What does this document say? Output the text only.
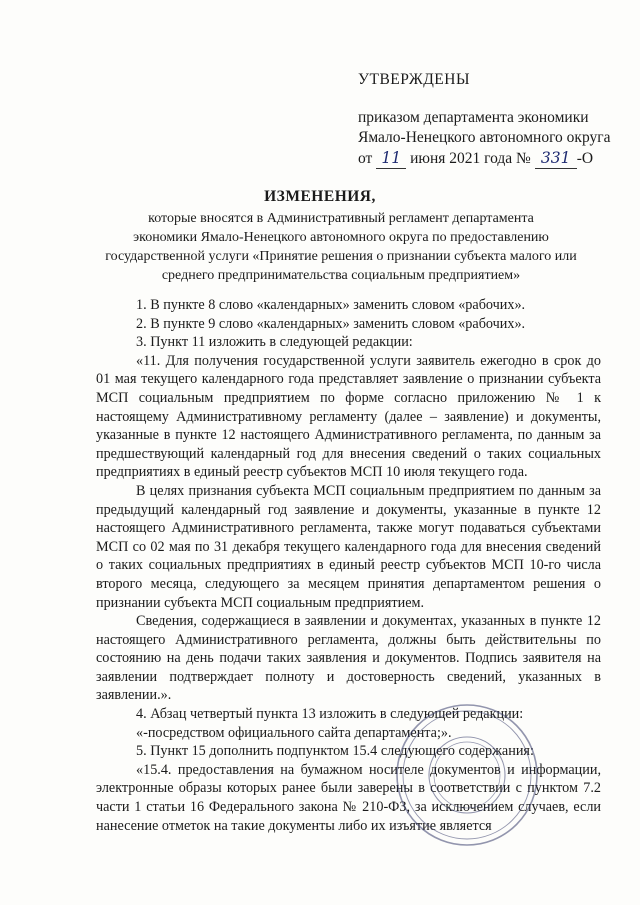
УТВЕРЖДЕНЫ
приказом департамента экономики
Ямало-Ненецкого автономного округа
от 11 июня 2021 года № 331 -О
ИЗМЕНЕНИЯ,
которые вносятся в Административный регламент департамента
экономики Ямало-Ненецкого автономного округа по предоставлению
государственной услуги «Принятие решения о признании субъекта малого или
среднего предпринимательства социальным предприятием»

1. В пункте 8 слово «календарных» заменить словом «рабочих».

2. В пункте 9 слово «календарных» заменить словом «рабочих».

3. Пункт 11 изложить в следующей редакции:

«11. Для получения государственной услуги заявитель ежегодно в срок до 01 мая текущего календарного года представляет заявление о признании субъекта МСП социальным предприятием по форме согласно приложению № 1 к настоящему Административному регламенту (далее – заявление) и документы, указанные в пункте 12 настоящего Административного регламента, по данным за предшествующий календарный год для внесения сведений о таких социальных предприятиях в единый реестр субъектов МСП 10 июля текущего года.

В целях признания субъекта МСП социальным предприятием по данным за предыдущий календарный год заявление и документы, указанные в пункте 12 настоящего Административного регламента, также могут подаваться субъектами МСП со 02 мая по 31 декабря текущего календарного года для внесения сведений о таких социальных предприятиях в единый реестр субъектов МСП 10-го числа второго месяца, следующего за месяцем принятия департаментом решения о признании субъекта МСП социальным предприятием.

Сведения, содержащиеся в заявлении и документах, указанных в пункте 12 настоящего Административного регламента, должны быть действительны по состоянию на день подачи таких заявления и документов. Подпись заявителя на заявлении подтверждает полноту и достоверность сведений, указанных в заявлении.».

4. Абзац четвертый пункта 13 изложить в следующей редакции:

«-посредством официального сайта департамента;».

5. Пункт 15 дополнить подпунктом 15.4 следующего содержания:

«15.4. предоставления на бумажном носителе документов и информации, электронные образы которых ранее были заверены в соответствии с пунктом 7.2 части 1 статьи 16 Федерального закона № 210-ФЗ, за исключением случаев, если нанесение отметок на такие документы либо их изъятие является
